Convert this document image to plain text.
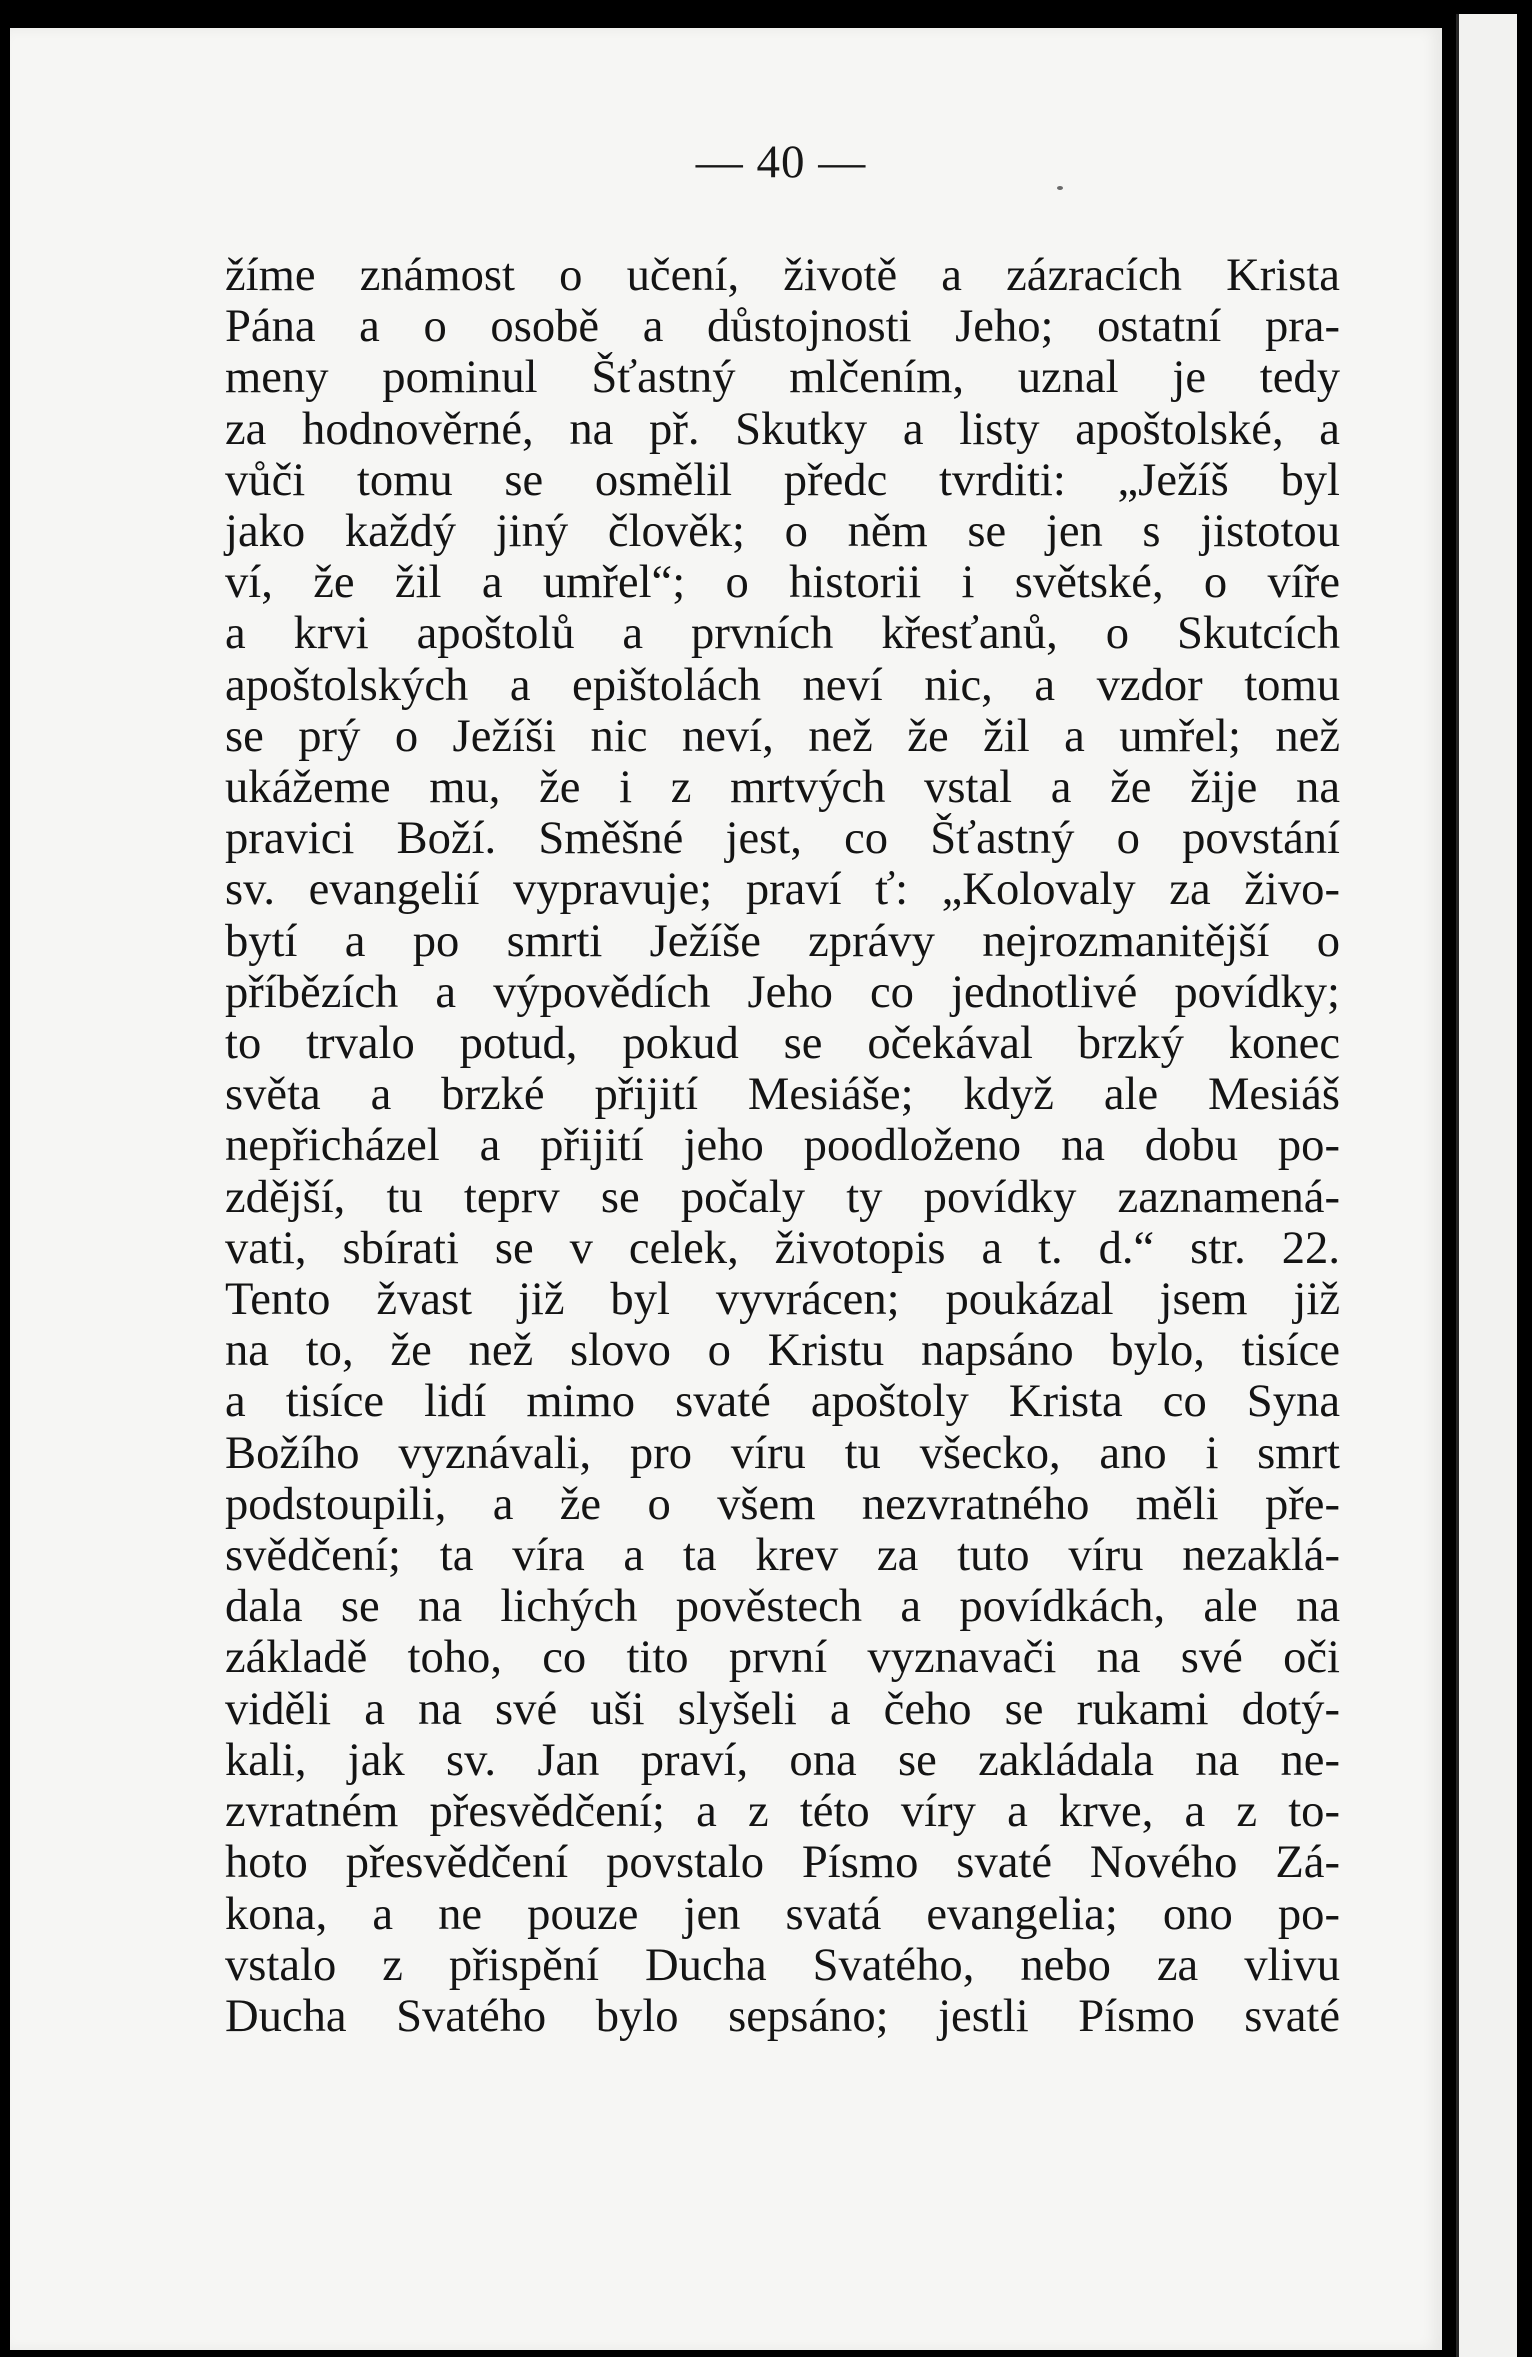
— 40 —
žíme známost o učení, životě a zázracích Krista
Pána a o osobě a důstojnosti Jeho; ostatní pra-
meny pominul Šťastný mlčením, uznal je tedy
za hodnověrné, na př. Skutky a listy apoštolské, a
vůči tomu se osmělil předc tvrditi: „Ježíš byl
jako každý jiný člověk; o něm se jen s jistotou
ví, že žil a umřel“; o historii i světské, o víře
a krvi apoštolů a prvních křesťanů, o Skutcích
apoštolských a epištolách neví nic, a vzdor tomu
se prý o Ježíši nic neví, než že žil a umřel; než
ukážeme mu, že i z mrtvých vstal a že žije na
pravici Boží. Směšné jest, co Šťastný o povstání
sv. evangelií vypravuje; praví ť: „Kolovaly za živo-
bytí a po smrti Ježíše zprávy nejrozmanitější o
příbězích a výpovědích Jeho co jednotlivé povídky;
to trvalo potud, pokud se očekával brzký konec
světa a brzké přijití Mesiáše; když ale Mesiáš
nepřicházel a přijití jeho poodloženo na dobu po-
zdější, tu teprv se počaly ty povídky zaznamená-
vati, sbírati se v celek, životopis a t. d.“ str. 22.
Tento žvast již byl vyvrácen; poukázal jsem již
na to, že než slovo o Kristu napsáno bylo, tisíce
a tisíce lidí mimo svaté apoštoly Krista co Syna
Božího vyznávali, pro víru tu všecko, ano i smrt
podstoupili, a že o všem nezvratného měli pře-
svědčení; ta víra a ta krev za tuto víru nezaklá-
dala se na lichých pověstech a povídkách, ale na
základě toho, co tito první vyznavači na své oči
viděli a na své uši slyšeli a čeho se rukami dotý-
kali, jak sv. Jan praví, ona se zakládala na ne-
zvratném přesvědčení; a z této víry a krve, a z to-
hoto přesvědčení povstalo Písmo svaté Nového Zá-
kona, a ne pouze jen svatá evangelia; ono po-
vstalo z přispění Ducha Svatého, nebo za vlivu
Ducha Svatého bylo sepsáno; jestli Písmo svaté
